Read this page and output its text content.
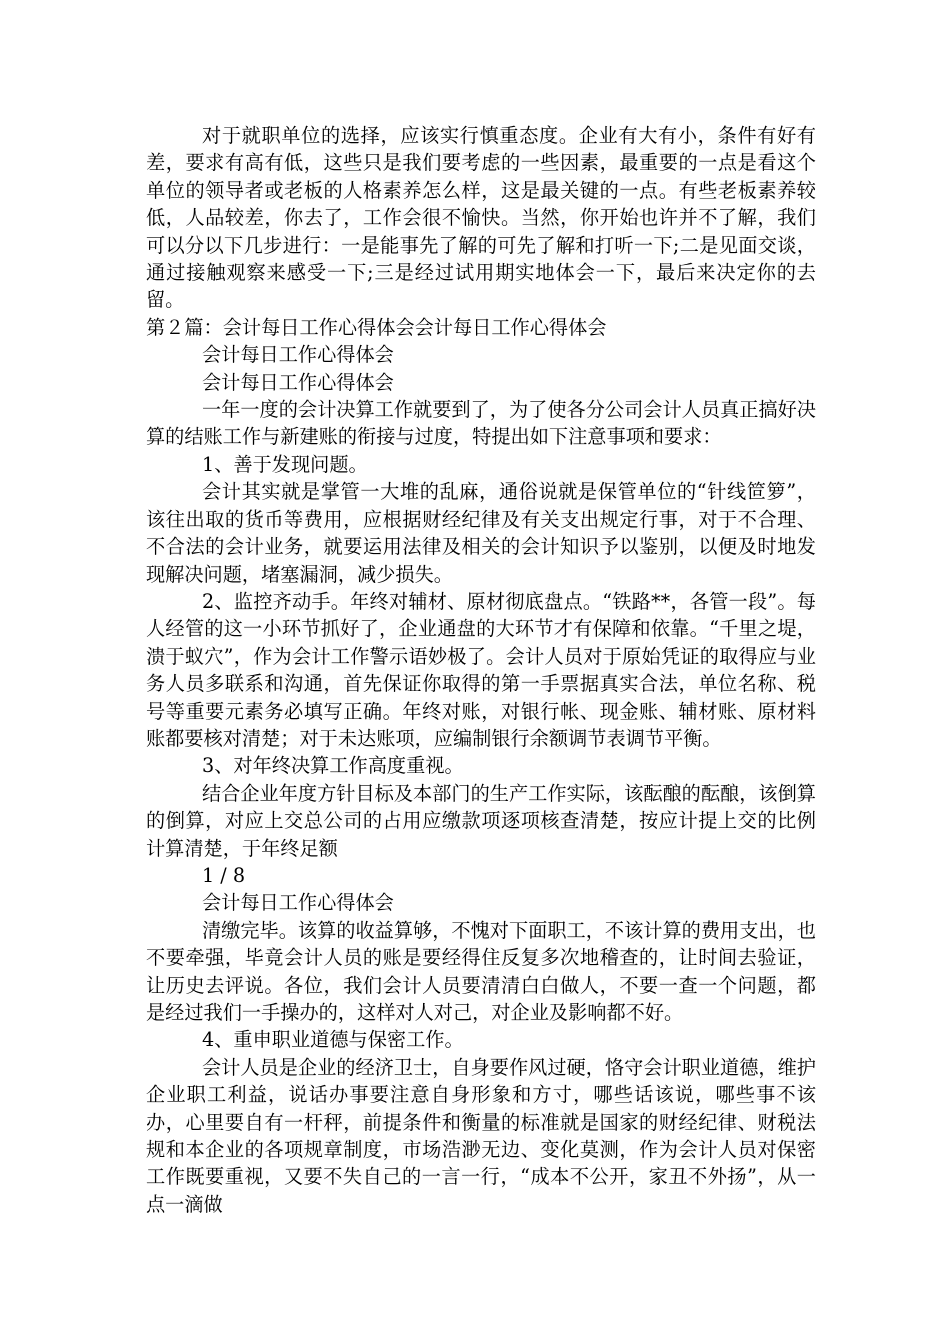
对于就职单位的选择，应该实行慎重态度。企业有大有小，条件有好有差，要求有高有低，这些只是我们要考虑的一些因素，最重要的一点是看这个单位的领导者或老板的人格素养怎么样，这是最关键的一点。有些老板素养较低，人品较差，你去了，工作会很不愉快。当然，你开始也许并不了解，我们可以分以下几步进行：一是能事先了解的可先了解和打听一下;二是见面交谈，通过接触观察来感受一下;三是经过试用期实地体会一下，最后来决定你的去留。

第２篇：会计每日工作心得体会会计每日工作心得体会

会计每日工作心得体会

会计每日工作心得体会

一年一度的会计决算工作就要到了，为了使各分公司会计人员真正搞好决算的结账工作与新建账的衔接与过度，特提出如下注意事项和要求：

1、善于发现问题。

会计其实就是掌管一大堆的乱麻，通俗说就是保管单位的“针线笸箩”，该往出取的货币等费用，应根据财经纪律及有关支出规定行事，对于不合理、不合法的会计业务，就要运用法律及相关的会计知识予以鉴别，以便及时地发现解决问题，堵塞漏洞，减少损失。

2、监控齐动手。年终对辅材、原材彻底盘点。“铁路**，各管一段”。每人经管的这一小环节抓好了，企业通盘的大环节才有保障和依靠。“千里之堤，溃于蚁穴”，作为会计工作警示语妙极了。会计人员对于原始凭证的取得应与业务人员多联系和沟通，首先保证你取得的第一手票据真实合法，单位名称、税号等重要元素务必填写正确。年终对账，对银行帐、现金账、辅材账、原材料账都要核对清楚；对于未达账项，应编制银行余额调节表调节平衡。

3、对年终决算工作高度重视。

结合企业年度方针目标及本部门的生产工作实际，该酝酿的酝酿，该倒算的倒算，对应上交总公司的占用应缴款项逐项核查清楚，按应计提上交的比例计算清楚，于年终足额

1 / 8

会计每日工作心得体会

清缴完毕。该算的收益算够，不愧对下面职工，不该计算的费用支出，也不要牵强，毕竟会计人员的账是要经得住反复多次地稽查的，让时间去验证，让历史去评说。各位，我们会计人员要清清白白做人，不要一查一个问题，都是经过我们一手操办的，这样对人对己，对企业及影响都不好。

4、重申职业道德与保密工作。

会计人员是企业的经济卫士，自身要作风过硬，恪守会计职业道德，维护企业职工利益，说话办事要注意自身形象和方寸，哪些话该说，哪些事不该办，心里要自有一杆秤，前提条件和衡量的标准就是国家的财经纪律、财税法规和本企业的各项规章制度，市场浩渺无边、变化莫测，作为会计人员对保密工作既要重视，又要不失自己的一言一行，“成本不公开，家丑不外扬”，从一点一滴做
